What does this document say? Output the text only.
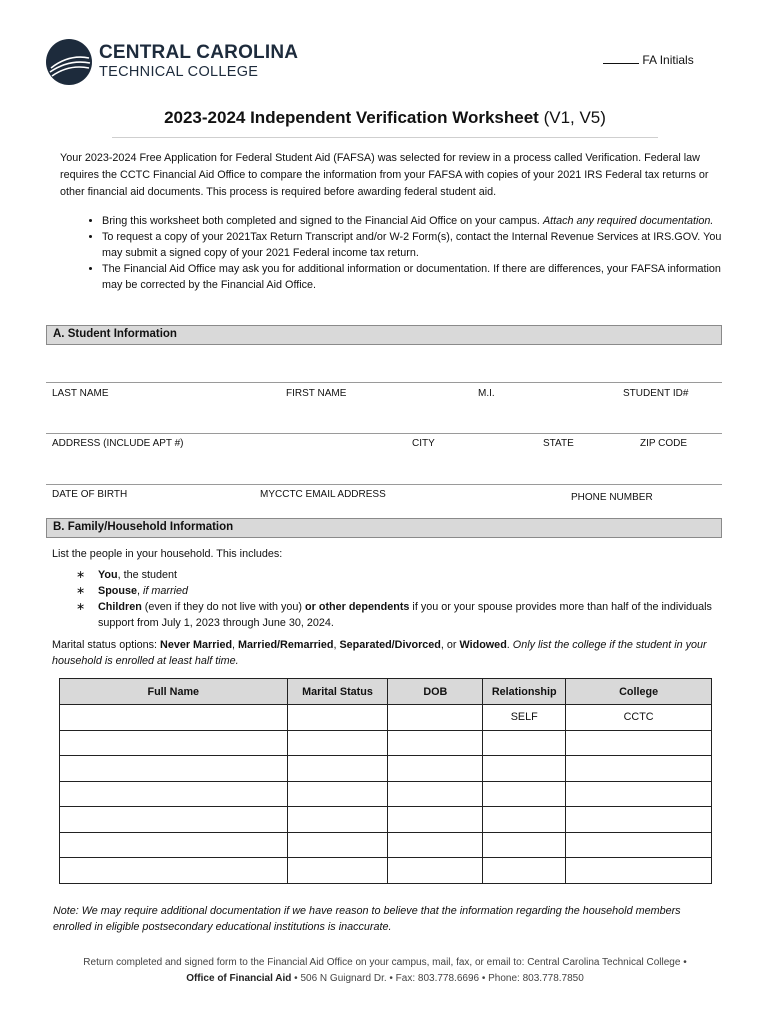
CENTRAL CAROLINA
TECHNICAL COLLEGE
FA Initials
2023-2024 Independent Verification Worksheet (V1, V5)
Your 2023-2024 Free Application for Federal Student Aid (FAFSA) was selected for review in a process called Verification. Federal law requires the CCTC Financial Aid Office to compare the information from your FAFSA with copies of your 2021 IRS Federal tax returns or other financial aid documents. This process is required before awarding federal student aid.
• Bring this worksheet both completed and signed to the Financial Aid Office on your campus. Attach any required documentation.
• To request a copy of your 2021Tax Return Transcript and/or W-2 Form(s), contact the Internal Revenue Services at IRS.GOV. You may submit a signed copy of your 2021 Federal income tax return.
• The Financial Aid Office may ask you for additional information or documentation. If there are differences, your FAFSA information may be corrected by the Financial Aid Office.
A. Student Information
LAST NAME	FIRST NAME	M.I.	STUDENT ID#
ADDRESS (INCLUDE APT #)	CITY	STATE	ZIP CODE
DATE OF BIRTH	MYCCTC EMAIL ADDRESS	PHONE NUMBER
B. Family/Household Information
List the people in your household. This includes:
∗ You, the student
∗ Spouse, if married
∗ Children (even if they do not live with you) or other dependents if you or your spouse provides more than half of the individuals support from July 1, 2023 through June 30, 2024.
Marital status options: Never Married, Married/Remarried, Separated/Divorced, or Widowed. Only list the college if the student in your household is enrolled at least half time.
Full Name	Marital Status	DOB	Relationship	College
			SELF	CCTC

Note: We may require additional documentation if we have reason to believe that the information regarding the household members enrolled in eligible postsecondary educational institutions is inaccurate.
Return completed and signed form to the Financial Aid Office on your campus, mail, fax, or email to: Central Carolina Technical College •
Office of Financial Aid • 506 N Guignard Dr. • Fax: 803.778.6696 • Phone: 803.778.7850
